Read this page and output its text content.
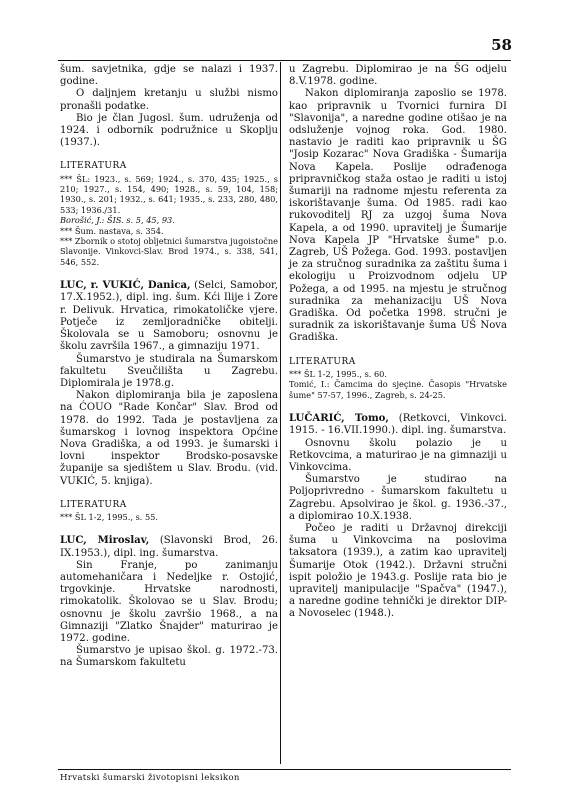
58

šum. savjetnika, gdje se nalazi i 1937. godine.

O daljnjem kretanju u službi nismo pronašli podatke.

Bio je član Jugosl. šum. udruženja od 1924. i odbornik podružnice u Skoplju (1937.).

LITERATURA

*** ŠL: 1923., s. 569; 1924., s. 370, 435; 1925., s 210; 1927., s. 154, 490; 1928., s. 59, 104, 158; 1930., s. 201; 1932., s. 641; 1935., s. 233, 280, 480, 533; 1936./31.

Borošić, J.: ŠIS. s. 5, 45, 93.

*** Šum. nastava, s. 354.

*** Zbornik o stotoj obljetnici šumarstva jugoistočne Slavonije. Vinkovci-Slav. Brod 1974., s. 338, 541, 546, 552.

LUC, r. VUKIĆ, Danica, (Selci, Samobor, 17.X.1952.), dipl. ing. šum. Kći Ilije i Zore r. Delivuk. Hrvatica, rimokatoličke vjere. Potječe iz zemljoradničke obitelji. Školovala se u Samoboru; osnovnu je školu završila 1967., a gimnaziju 1971.

Šumarstvo je studirala na Šumarskom fakultetu Sveučilišta u Zagrebu. Diplomirala je 1978.g.

Nakon diplomiranja bila je zaposlena na ĆOUO "Rade Končar" Slav. Brod od 1978. do 1992. Tada je postavljena za šumarskog i lovnog inspektora Općine Nova Gradiška, a od 1993. je šumarski i lovni inspektor Brodsko-posavske županije sa sjedištem u Slav. Brodu. (vid. VUKIĆ, 5. knjiga).

LITERATURA

*** ŠL 1-2, 1995., s. 55.

LUC, Miroslav, (Slavonski Brod, 26. IX.1953.), dipl. ing. šumarstva.

Sin Franje, po zanimanju automehaničara i Nedeljke r. Ostojić, trgovkinje. Hrvatske narodnosti, rimokatolik. Školovao se u Slav. Brodu; osnovnu je školu završio 1968., a na Gimnaziji "Zlatko Šnajder" maturirao je 1972. godine.

Šumarstvo je upisao škol. g. 1972.-73. na Šumarskom fakultetu

u Zagrebu. Diplomirao je na ŠG odjelu 8.V.1978. godine.

Nakon diplomiranja zaposlio se 1978. kao pripravnik u Tvornici furnira DI "Slavonija", a naredne godine otišao je na odsluženje vojnog roka. God. 1980. nastavio je raditi kao pripravnik u ŠG "Josip Kozarac" Nova Gradiška - Šumarija Nova Kapela. Poslije odrađenoga pripravničkog staža ostao je raditi u istoj šumariji na radnome mjestu referenta za iskorištavanje šuma. Od 1985. radi kao rukovoditelj RJ za uzgoj šuma Nova Kapela, a od 1990. upravitelj je Šumarije Nova Kapela JP "Hrvatske šume" p.o. Zagreb, UŠ Požega. God. 1993. postavljen je za stručnog suradnika za zaštitu šuma i ekologiju u Proizvodnom odjelu UP Požega, a od 1995. na mjestu je stručnog suradnika za mehanizaciju UŠ Nova Gradiška. Od početka 1998. stručni je suradnik za iskorištavanje šuma UŠ Nova Gradiška.

LITERATURA

*** ŠL 1-2, 1995., s. 60.

Tomić, I.: Čamcima do sjeçine. Časopis "Hrvatske šume" 57-57, 1996., Zagreb, s. 24-25.

LUČARIĆ, Tomo, (Retkovci, Vinkovci. 1915. - 16.VII.1990.). dipl. ing. šumarstva.

Osnovnu školu polazio je u Retkovcima, a maturirao je na gimnaziji u Vinkovcima.

Šumarstvo je studirao na Poljoprivredno - šumarskom fakultetu u Zagrebu. Apsolvirao je škol. g. 1936.-37., a diplomirao 10.X.1938.

Počeo je raditi u Državnoj direkciji šuma u Vinkovcima na poslovima taksatora (1939.), a zatim kao upravitelj Šumarije Otok (1942.). Državni stručni ispit položio je 1943.g. Poslije rata bio je upravitelj manipulacije "Spačva" (1947.), a naredne godine tehnički je direktor DIP-a Novoselec (1948.).

Hrvatski šumarski životopisni leksikon
